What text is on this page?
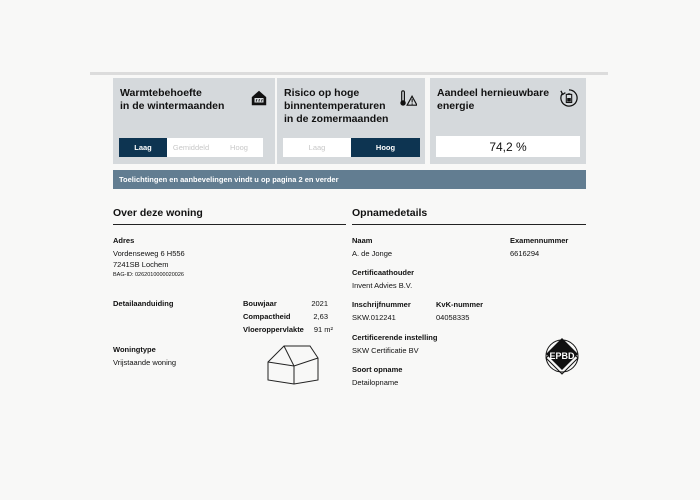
Warmtebehoefte
in de wintermaanden
Laag	Gemiddeld	Hoog
Risico op hoge
binnentemperaturen
in de zomermaanden
Laag	Hoog
Aandeel hernieuwbare
energie
74,2 %
Toelichtingen en aanbevelingen vindt u op pagina 2 en verder
Over deze woning
Adres
Vordenseweg 6 H556
7241SB Lochem
BAG-ID: 0262010000020026
Detailaanduiding	Bouwjaar	2021
Compactheid	2,63
Vloeroppervlakte	91 m²
Woningtype
Vrijstaande woning
Opnamedetails
Naam
A. de Jonge
Examennummer
6616294
Certificaathouder
Invent Advies B.V.
Inschrijfnummer
SKW.012241
KvK-nummer
04058335
Certificerende instelling
SKW Certificatie BV
Soort opname
Detailopname
EPBD
